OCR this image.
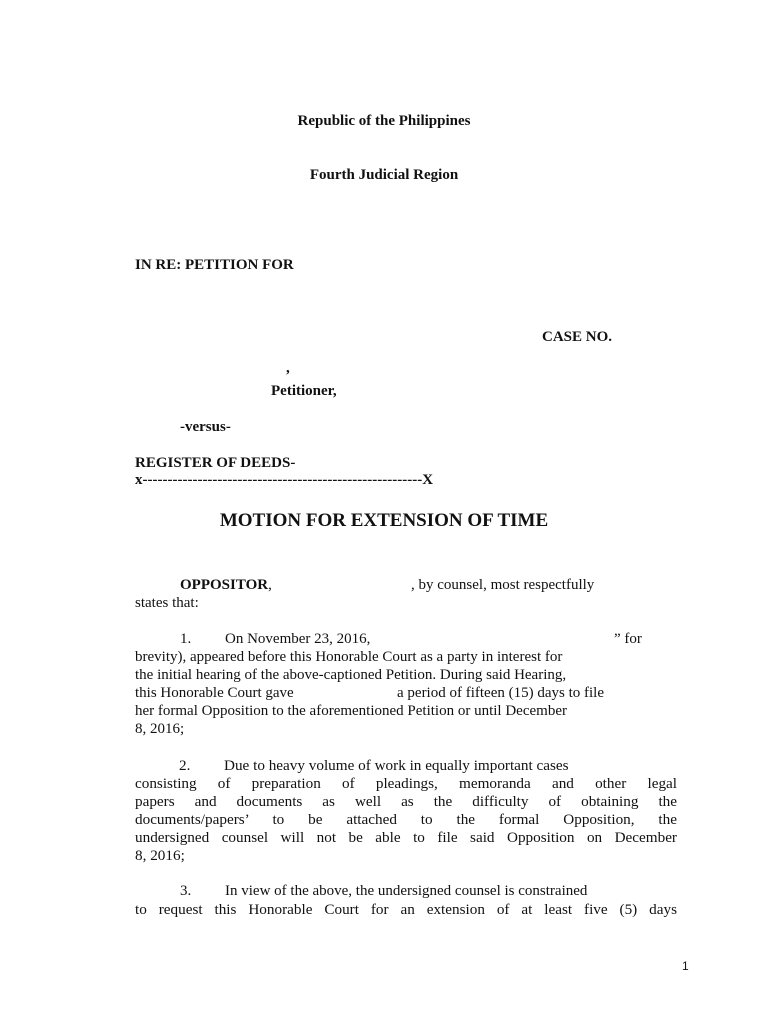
Republic of the Philippines
Fourth Judicial Region
IN RE: PETITION FOR
CASE NO.
,
Petitioner,
-versus-
REGISTER OF DEEDS-
x--------------------------------------------------------X
MOTION FOR EXTENSION OF TIME
OPPOSITOR,	, by counsel, most respectfully
states that:
1. On November 23, 2016,	” for
brevity), appeared before this Honorable Court as a party in interest for
the initial hearing of the above-captioned Petition. During said Hearing,
this Honorable Court gave	a period of fifteen (15) days to file
her formal Opposition to the aforementioned Petition or until December
8, 2016;
2. Due to heavy volume of work in equally important cases
consisting of preparation of pleadings, memoranda and other legal
papers and documents as well as the difficulty of obtaining the
documents/papers’ to be attached to the formal Opposition, the
undersigned counsel will not be able to file said Opposition on December
8, 2016;
3. In view of the above, the undersigned counsel is constrained
to request this Honorable Court for an extension of at least five (5) days
1
